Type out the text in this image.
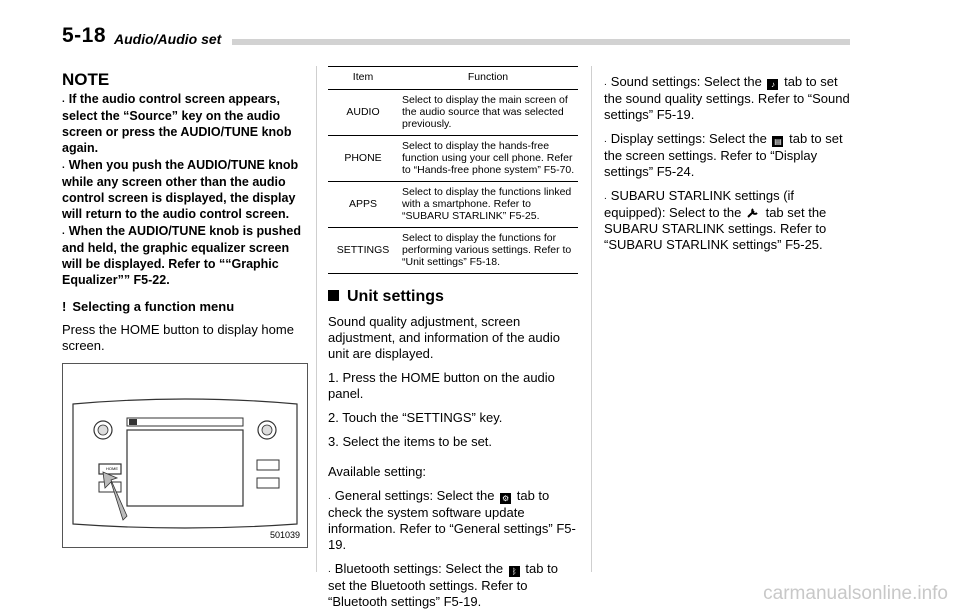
5-18 Audio/Audio set
NOTE

. If the audio control screen appears, select the “Source” key on the audio screen or press the AUDIO/TUNE knob again.

. When you push the AUDIO/TUNE knob while any screen other than the audio control screen is displayed, the display will return to the audio control screen.

. When the AUDIO/TUNE knob is pushed and held, the graphic equalizer screen will be displayed. Refer to ““Graphic Equalizer”” F5-22.

! Selecting a function menu
Press the HOME button to display home screen.
HOME
501039
Item	Function
AUDIO	Select to display the main screen of the audio source that was selected previously.
PHONE	Select to display the hands-free function using your cell phone. Refer to “Hands-free phone system” F5-70.
APPS	Select to display the functions linked with a smartphone. Refer to “SUBARU STARLINK” F5-25.
SETTINGS	Select to display the functions for performing various settings. Refer to “Unit settings” F5-18.
Unit settings
Sound quality adjustment, screen adjustment, and information of the audio unit are displayed.
1. Press the HOME button on the audio panel.
2. Touch the “SETTINGS” key.
3. Select the items to be set.
Available setting:
. General settings: Select the ⚙ tab to check the system software update information. Refer to “General settings” F5-19.
. Bluetooth settings: Select the ᛒ tab to set the Bluetooth settings. Refer to “Bluetooth settings” F5-19.
. Sound settings: Select the ♪ tab to set the sound quality settings. Refer to “Sound settings” F5-19.
. Display settings: Select the ▤ tab to set the screen settings. Refer to “Display settings” F5-24.
. SUBARU STARLINK settings (if equipped): Select to the tab set the SUBARU STARLINK settings. Refer to “SUBARU STARLINK settings” F5-25.
carmanualsonline.info
